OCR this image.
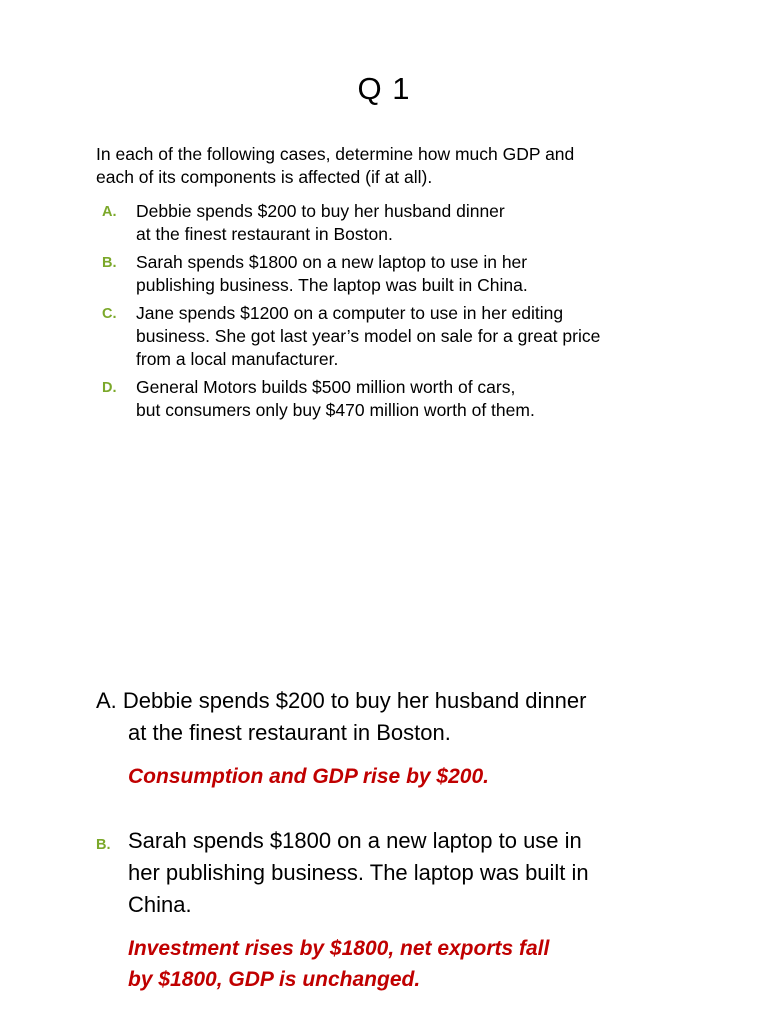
Q 1
In each of the following cases, determine how much GDP and
each of its components is affected (if at all).
A. Debbie spends $200 to buy her husband dinner
at the finest restaurant in Boston.
B. Sarah spends $1800 on a new laptop to use in her
publishing business. The laptop was built in China.
C. Jane spends $1200 on a computer to use in her editing
business. She got last year’s model on sale for a great price
from a local manufacturer.
D. General Motors builds $500 million worth of cars,
but consumers only buy $470 million worth of them.
A. Debbie spends $200 to buy her husband dinner
at the finest restaurant in Boston.
Consumption and GDP rise by $200.
B. Sarah spends $1800 on a new laptop to use in
her publishing business. The laptop was built in
China.
Investment rises by $1800, net exports fall
by $1800, GDP is unchanged.
